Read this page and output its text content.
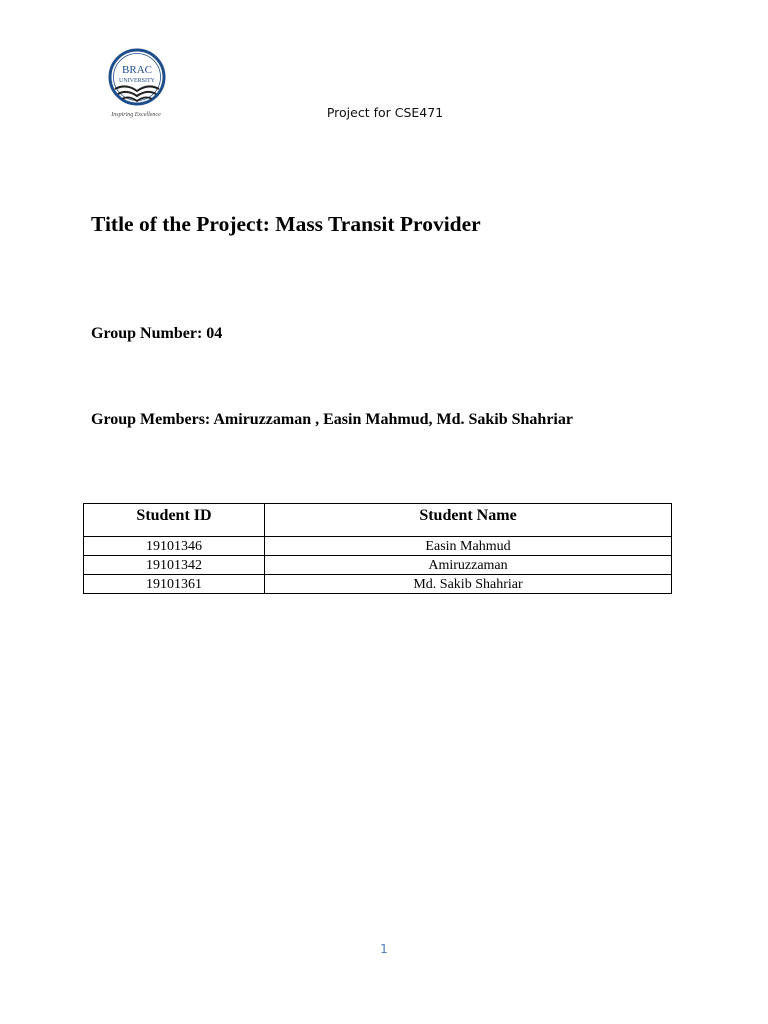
BRAC
UNIVERSITY
Inspiring Excellence	Project for CSE471
Title of the Project: Mass Transit Provider
Group Number: 04
Group Members: Amiruzzaman , Easin Mahmud, Md. Sakib Shahriar
Student ID	Student Name
19101346	Easin Mahmud
19101342	Amiruzzaman
19101361	Md. Sakib Shahriar
1
